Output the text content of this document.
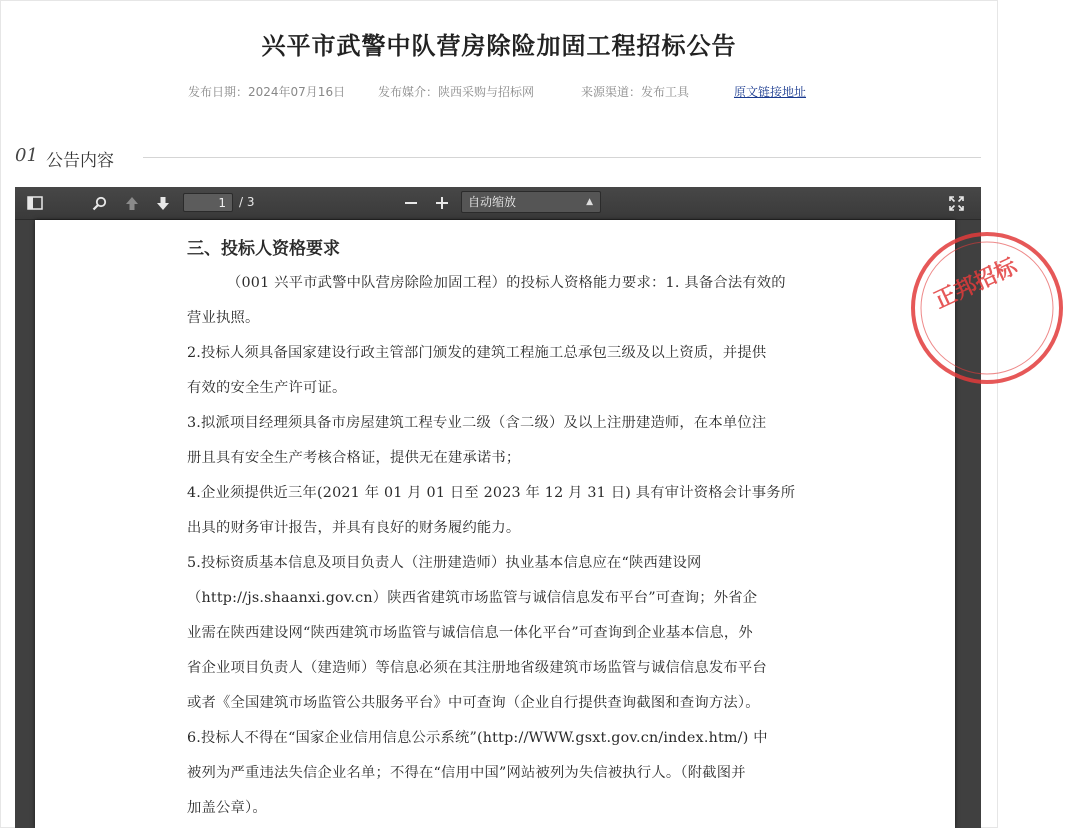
兴平市武警中队营房除险加固工程招标公告
发布日期：2024年07月16日	发布媒介：陕西采购与招标网	来源渠道：发布工具	原文链接地址
01 公告内容
1	/ 3	自动缩放	▲

三、投标人资格要求
（001 兴平市武警中队营房除险加固工程）的投标人资格能力要求：1. 具备合法有效的
营业执照。
2.投标人须具备国家建设行政主管部门颁发的建筑工程施工总承包三级及以上资质，并提供
有效的安全生产许可证。
3.拟派项目经理须具备市房屋建筑工程专业二级（含二级）及以上注册建造师，在本单位注
册且具有安全生产考核合格证，提供无在建承诺书；
4.企业须提供近三年(2021 年 01 月 01 日至 2023 年 12 月 31 日) 具有审计资格会计事务所
出具的财务审计报告，并具有良好的财务履约能力。
5.投标资质基本信息及项目负责人（注册建造师）执业基本信息应在“陕西建设网
（http://js.shaanxi.gov.cn）陕西省建筑市场监管与诚信信息发布平台”可查询；外省企
业需在陕西建设网“陕西建筑市场监管与诚信信息一体化平台”可查询到企业基本信息，外
省企业项目负责人（建造师）等信息必须在其注册地省级建筑市场监管与诚信信息发布平台
或者《全国建筑市场监管公共服务平台》中可查询（企业自行提供查询截图和查询方法）。
6.投标人不得在“国家企业信用信息公示系统”(http://WWW.gsxt.gov.cn/index.htm/) 中
被列为严重违法失信企业名单；不得在“信用中国”网站被列为失信被执行人。（附截图并
加盖公章）。
正邦招标
